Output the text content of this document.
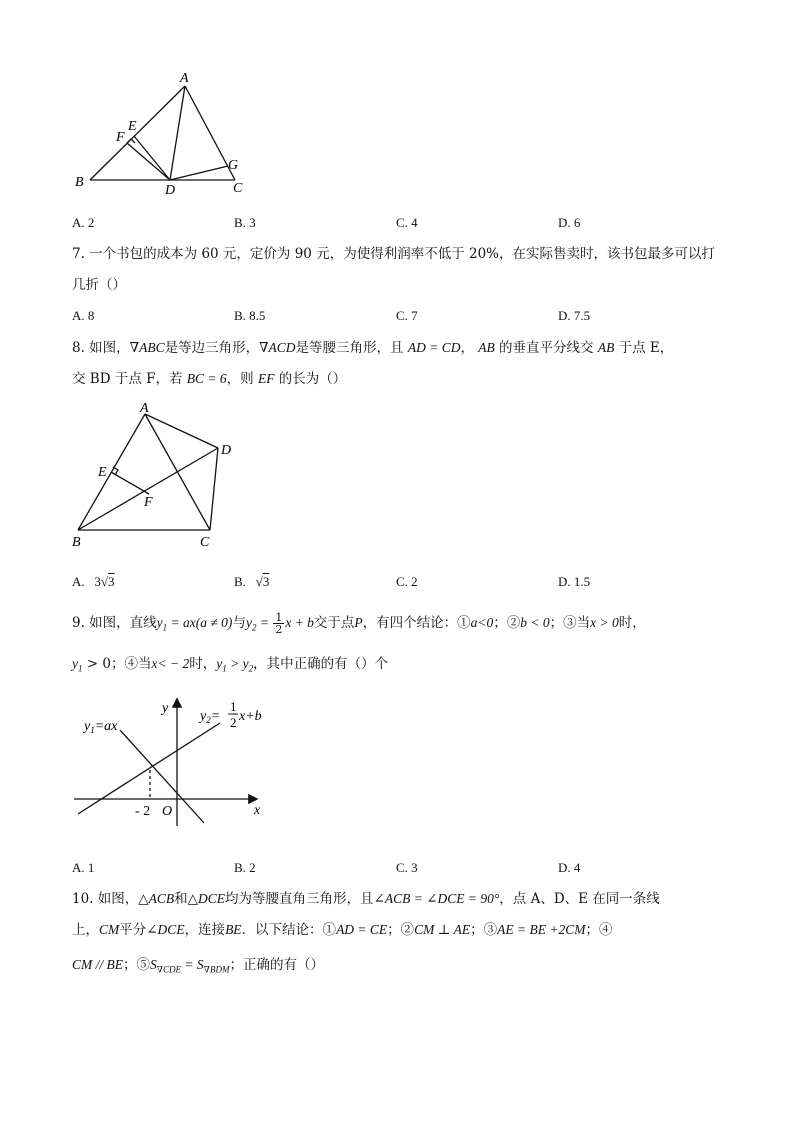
A
B	C
D
E
F
G
A. 2	B. 3	C. 4	D. 6
7. 一个书包的成本为 60 元，定价为 90 元，为使得利润率不低于 20%，在实际售卖时，该书包最多可以打
几折（）
A. 8	B. 8.5	C. 7	D. 7.5
8. 如图，∇ABC是等边三角形，∇ACD是等腰三角形，且 AD = CD， AB 的垂直平分线交 AB 于点 E，
交 BD 于点 F，若 BC = 6，则 EF 的长为（）
A
B	C
D
E
F
A. 3√3	B. √3	C. 2	D. 1.5
9. 如图，直线$y_1 = ax(a \ne 0)$与$y_2 = \frac{1}{2}$ x + b交于点P，有四个结论：①a<0；②b < 0；③当x > 0时，
$y_1 > 0$；④当x< − 2时，$y_1 > y_2$，其中正确的有（）个
y
x
O
- 2
$y_1=ax$
$y_2=$
1
2 x+b
A. 1	B. 2	C. 3	D. 4
10. 如图，△ACB和△DCE均为等腰直角三角形，且∠ACB = ∠DCE = 90°，点 A、D、E 在同一条线
上，CM平分∠DCE，连接BE．以下结论：①AD = CE；②CM ⊥ AE；③AE = BE +2CM；④
CM // BE；$⑤S_{\nabla CDE} = S_{\nabla BDM}$；正确的有（）
